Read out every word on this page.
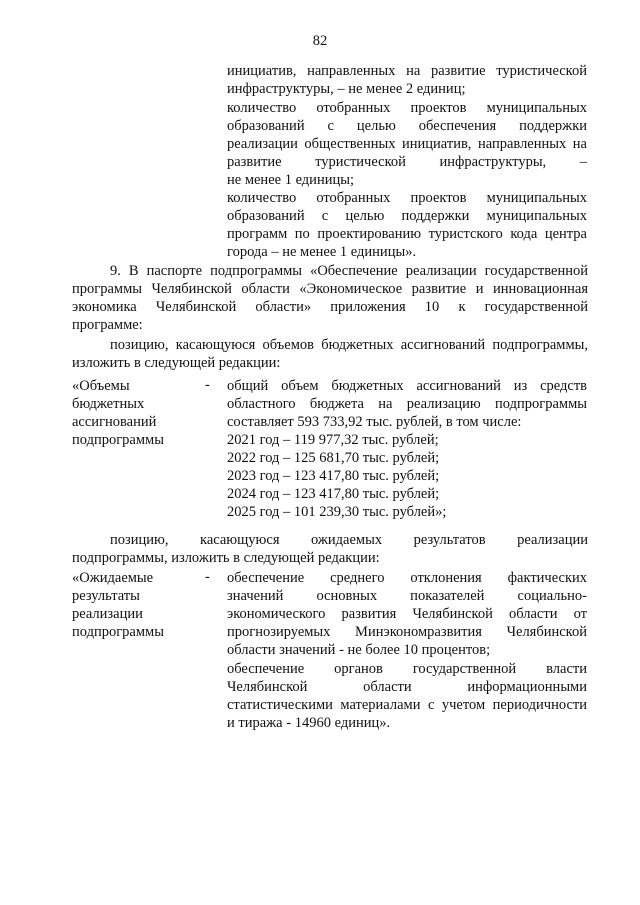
82
инициатив, направленных на развитие туристической
инфраструктуры, – не менее 2 единиц;
количество отобранных проектов муниципальных
образований с целью обеспечения поддержки
реализации общественных инициатив, направленных на
развитие туристической инфраструктуры, –
не менее 1 единицы;
количество отобранных проектов муниципальных
образований с целью поддержки муниципальных
программ по проектированию туристского кода центра
города – не менее 1 единицы».
9. В паспорте подпрограммы «Обеспечение реализации государственной
программы Челябинской области «Экономическое развитие и инновационная
экономика Челябинской области» приложения 10 к государственной
программе:
позицию, касающуюся объемов бюджетных ассигнований подпрограммы,
изложить в следующей редакции:
«Объемы
бюджетных
ассигнований
подпрограммы
- общий объем бюджетных ассигнований из средств
областного бюджета на реализацию подпрограммы
составляет 593 733,92 тыс. рублей, в том числе:
2021 год – 119 977,32 тыс. рублей;
2022 год – 125 681,70 тыс. рублей;
2023 год – 123 417,80 тыс. рублей;
2024 год – 123 417,80 тыс. рублей;
2025 год – 101 239,30 тыс. рублей»;
позицию, касающуюся ожидаемых результатов реализации
подпрограммы, изложить в следующей редакции:
«Ожидаемые
результаты
реализации
подпрограммы
- обеспечение среднего отклонения фактических
значений основных показателей социально-
экономического развития Челябинской области от
прогнозируемых Минэкономразвития Челябинской
области значений - не более 10 процентов;
обеспечение органов государственной власти
Челябинской области информационными
статистическими материалами с учетом периодичности
и тиража - 14960 единиц».
